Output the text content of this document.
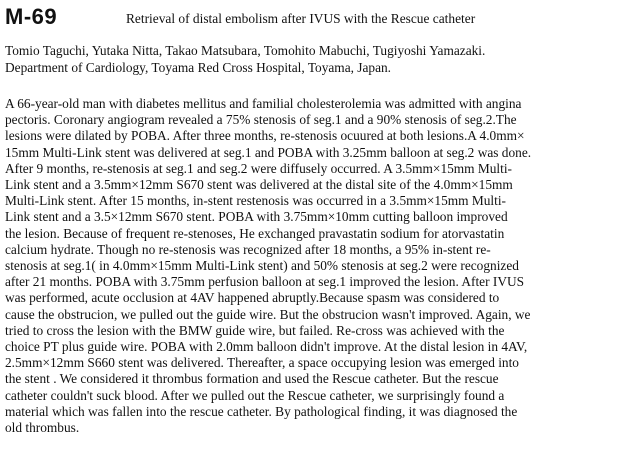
M-69	Retrieval of distal embolism after IVUS with the Rescue catheter
Tomio Taguchi, Yutaka Nitta, Takao Matsubara, Tomohito Mabuchi, Tugiyoshi Yamazaki.
Department of Cardiology, Toyama Red Cross Hospital, Toyama, Japan.
A 66-year-old man with diabetes mellitus and familial cholesterolemia was admitted with angina
pectoris. Coronary angiogram revealed a 75% stenosis of seg.1 and a 90% stenosis of seg.2.The
lesions were dilated by POBA. After three months, re-stenosis ocuured at both lesions.A 4.0mm×
15mm Multi-Link stent was delivered at seg.1 and POBA with 3.25mm balloon at seg.2 was done.
After 9 months, re-stenosis at seg.1 and seg.2 were diffusely occurred. A 3.5mm×15mm Multi-
Link stent and a 3.5mm×12mm S670 stent was delivered at the distal site of the 4.0mm×15mm
Multi-Link stent. After 15 months, in-stent restenosis was occurred in a 3.5mm×15mm Multi-
Link stent and a 3.5×12mm S670 stent. POBA with 3.75mm×10mm cutting balloon improved
the lesion. Because of frequent re-stenoses, He exchanged pravastatin sodium for atorvastatin
calcium hydrate. Though no re-stenosis was recognized after 18 months, a 95% in-stent re-
stenosis at seg.1( in 4.0mm×15mm Multi-Link stent) and 50% stenosis at seg.2 were recognized
after 21 months. POBA with 3.75mm perfusion balloon at seg.1 improved the lesion. After IVUS
was performed, acute occlusion at 4AV happened abruptly.Because spasm was considered to
cause the obstrucion, we pulled out the guide wire. But the obstrucion wasn't improved. Again, we
tried to cross the lesion with the BMW guide wire, but failed. Re-cross was achieved with the
choice PT plus guide wire. POBA with 2.0mm balloon didn't improve. At the distal lesion in 4AV,
2.5mm×12mm S660 stent was delivered. Thereafter, a space occupying lesion was emerged into
the stent . We considered it thrombus formation and used the Rescue catheter. But the rescue
catheter couldn't suck blood. After we pulled out the Rescue catheter, we surprisingly found a
material which was fallen into the rescue catheter. By pathological finding, it was diagnosed the
old thrombus.
